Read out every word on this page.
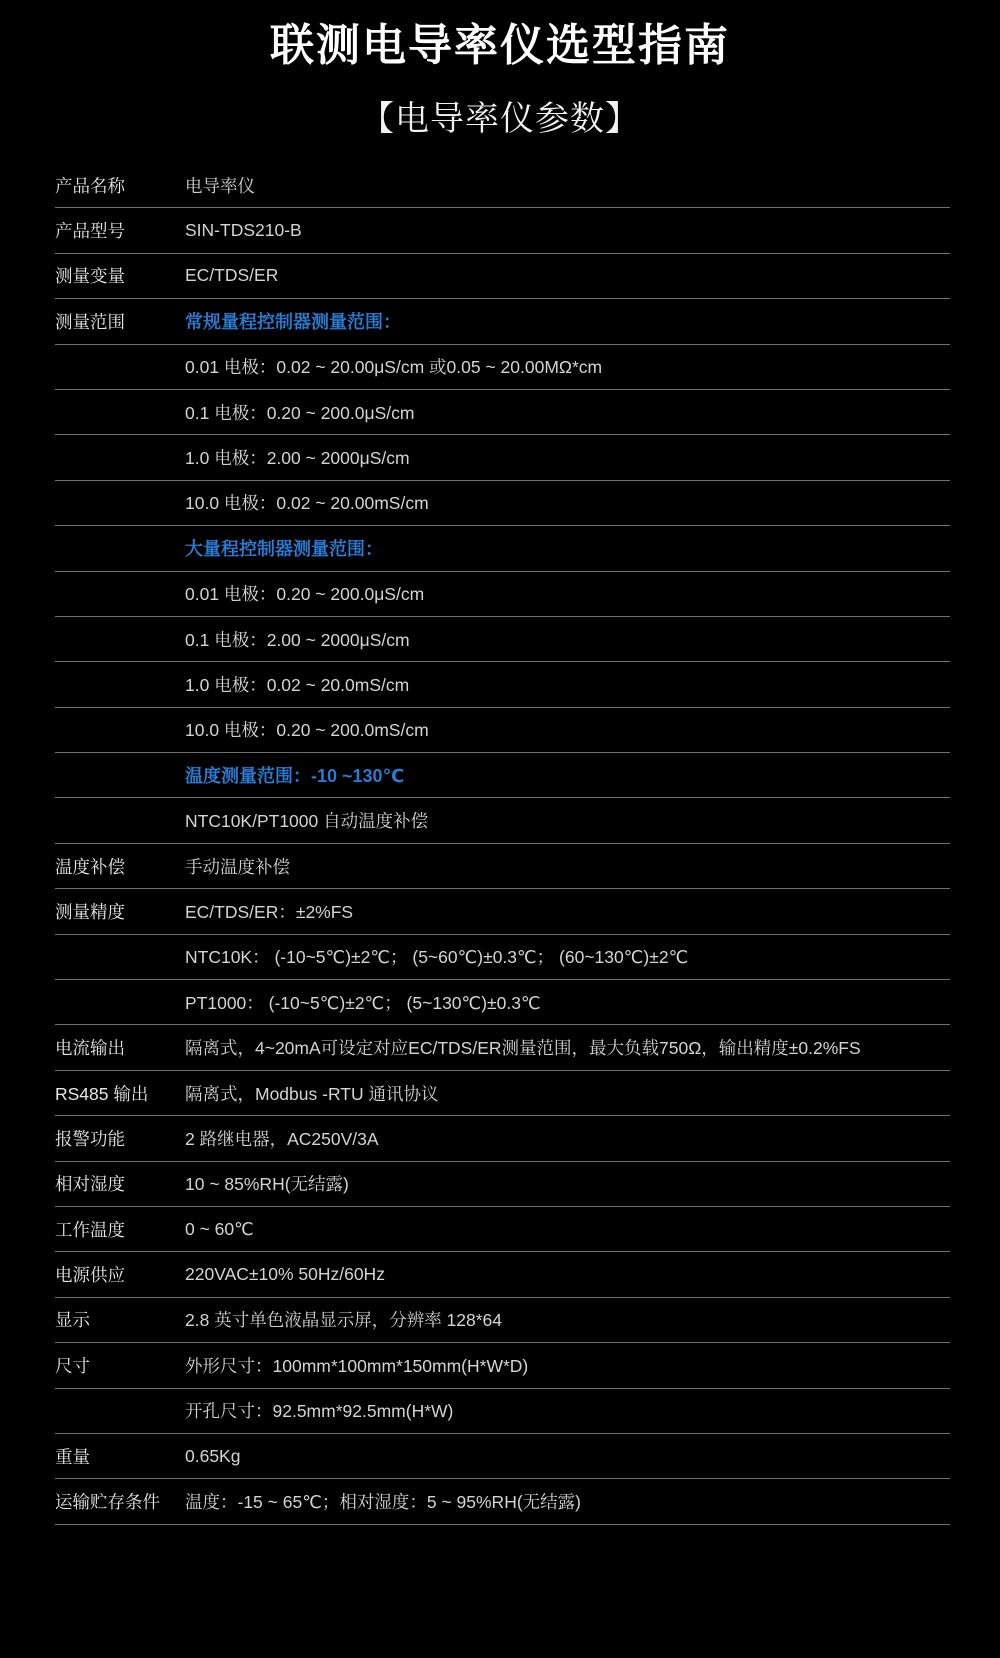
联测电导率仪选型指南
【电导率仪参数】
产品名称	电导率仪
产品型号	SIN-TDS210-B
测量变量	EC/TDS/ER
测量范围	常规量程控制器测量范围：
0.01 电极：0.02 ~ 20.00μS/cm 或0.05 ~ 20.00MΩ*cm
0.1 电极：0.20 ~ 200.0μS/cm
1.0 电极：2.00 ~ 2000μS/cm
10.0 电极：0.02 ~ 20.00mS/cm
大量程控制器测量范围：
0.01 电极：0.20 ~ 200.0μS/cm
0.1 电极：2.00 ~ 2000μS/cm
1.0 电极：0.02 ~ 20.0mS/cm
10.0 电极：0.20 ~ 200.0mS/cm
温度测量范围：-10 ~130℃
NTC10K/PT1000 自动温度补偿
温度补偿	手动温度补偿
测量精度	EC/TDS/ER：±2%FS
NTC10K： (-10~5℃)±2℃； (5~60℃)±0.3℃； (60~130℃)±2℃
PT1000： (-10~5℃)±2℃； (5~130℃)±0.3℃
电流输出	隔离式，4~20mA可设定对应EC/TDS/ER测量范围，最大负载750Ω，输出精度±0.2%FS
RS485 输出	隔离式，Modbus -RTU 通讯协议
报警功能	2 路继电器，AC250V/3A
相对湿度	10 ~ 85%RH(无结露)
工作温度	0 ~ 60℃
电源供应	220VAC±10% 50Hz/60Hz
显示	2.8 英寸单色液晶显示屏，分辨率 128*64
尺寸	外形尺寸：100mm*100mm*150mm(H*W*D)
开孔尺寸：92.5mm*92.5mm(H*W)
重量	0.65Kg
运输贮存条件	温度：-15 ~ 65℃；相对湿度：5 ~ 95%RH(无结露)
